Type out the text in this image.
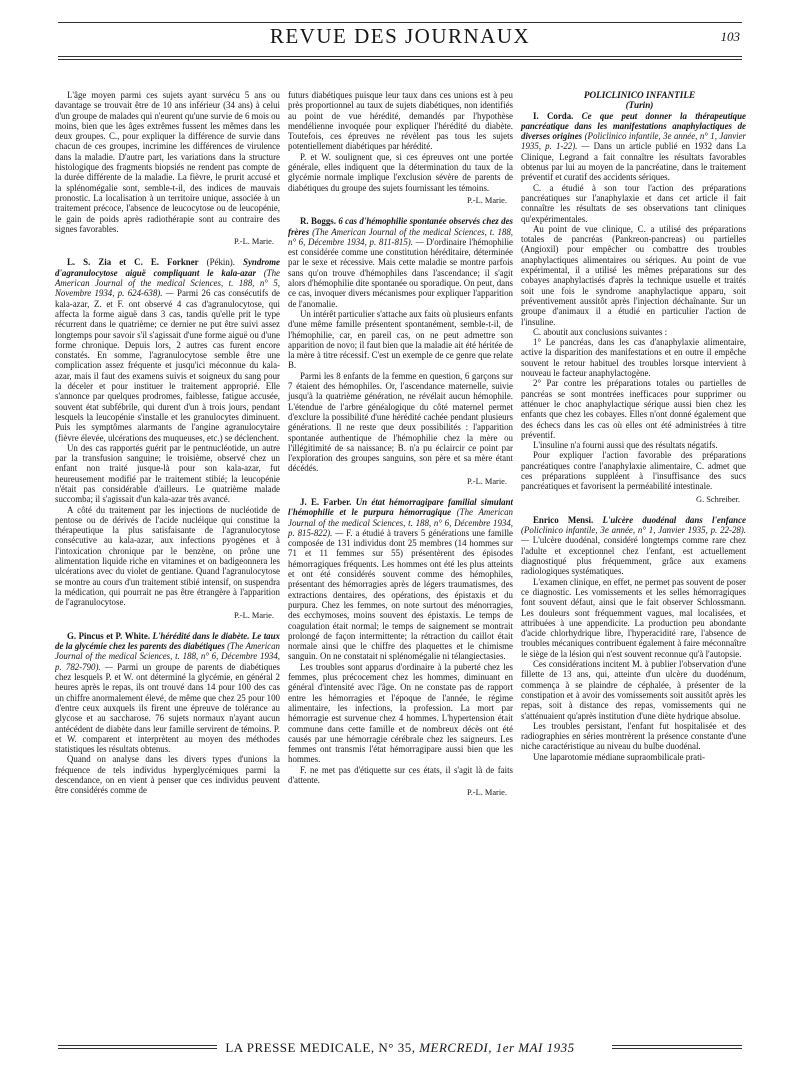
REVUE DES JOURNAUX	103

L'âge moyen parmi ces sujets ayant survécu 5 ans ou davantage se trouvait être de 10 ans inférieur (34 ans) à celui d'un groupe de malades qui n'eurent qu'une survie de 6 mois ou moins, bien que les âges extrêmes fussent les mêmes dans les deux groupes. C., pour expliquer la différence de survie dans chacun de ces groupes, incrimine les différences de virulence dans la maladie. D'autre part, les variations dans la structure histologique des fragments biopsiés ne rendent pas compte de la durée différente de la maladie. La fièvre, le prurit accusé et la splénomégalie sont, semble-t-il, des indices de mauvais pronostic. La localisation à un territoire unique, associée à un traitement précoce, l'absence de leucocytose ou de leucopénie, le gain de poids après radiothérapie sont au contraire des signes favorables.

P.-L. Marie.

L. S. Zia et C. E. Forkner (Pékin). Syndrome d'agranulocytose aiguë compliquant le kala-azar (The American Journal of the medical Sciences, t. 188, n° 5, Novembre 1934, p. 624-638). — Parmi 26 cas consécutifs de kala-azar, Z. et F. ont observé 4 cas d'agranulocytose, qui affecta la forme aiguë dans 3 cas, tandis qu'elle prit le type récurrent dans le quatrième; ce dernier ne put être suivi assez longtemps pour savoir s'il s'agissait d'une forme aiguë ou d'une forme chronique. Depuis lors, 2 autres cas furent encore constatés. En somme, l'agranulocytose semble être une complication assez fréquente et jusqu'ici méconnue du kala-azar, mais il faut des examens suivis et soigneux du sang pour la déceler et pour instituer le traitement approprié. Elle s'annonce par quelques prodromes, faiblesse, fatigue accusée, souvent état subfébrile, qui durent d'un à trois jours, pendant lesquels la leucopénie s'installe et les granulocytes diminuent. Puis les symptômes alarmants de l'angine agranulocytaire (fièvre élevée, ulcérations des muqueuses, etc.) se déclenchent.

Un des cas rapportés guérit par le pentnucléotide, un autre par la transfusion sanguine; le troisième, observé chez un enfant non traité jusque-là pour son kala-azar, fut heureusement modifié par le traitement stibié; la leucopénie n'était pas considérable d'ailleurs. Le quatrième malade succomba; il s'agissait d'un kala-azar très avancé.

A côté du traitement par les injections de nucléotide de pentose ou de dérivés de l'acide nucléique qui constitue la thérapeutique la plus satisfaisante de l'agranulocytose consécutive au kala-azar, aux infections pyogènes et à l'intoxication chronique par le benzène, on prône une alimentation liquide riche en vitamines et on badigeonnera les ulcérations avec du violet de gentiane. Quand l'agranulocytose se montre au cours d'un traitement stibié intensif, on suspendra la médication, qui pourrait ne pas être étrangère à l'apparition de l'agranulocytose.

P.-L. Marie.

G. Pincus et P. White. L'hérédité dans le diabète. Le taux de la glycémie chez les parents des diabétiques (The American Journal of the medical Sciences, t. 188, n° 6, Décembre 1934, p. 782-790). — Parmi un groupe de parents de diabétiques chez lesquels P. et W. ont déterminé la glycémie, en général 2 heures après le repas, ils ont trouvé dans 14 pour 100 des cas un chiffre anormalement élevé, de même que chez 25 pour 100 d'entre ceux auxquels ils firent une épreuve de tolérance au glycose et au saccharose. 76 sujets normaux n'ayant aucun antécédent de diabète dans leur famille servirent de témoins. P. et W. comparent et interprètent au moyen des méthodes statistiques les résultats obtenus.

Quand on analyse dans les divers types d'unions la fréquence de tels individus hyperglycémiques parmi la descendance, on en vient à penser que ces individus peuvent être considérés comme de

futurs diabétiques puisque leur taux dans ces unions est à peu près proportionnel au taux de sujets diabétiques, non identifiés au point de vue hérédité, demandés par l'hypothèse mendélienne invoquée pour expliquer l'hérédité du diabète. Toutefois, ces épreuves ne révèlent pas tous les sujets potentiellement diabétiques par hérédité.

P. et W. soulignent que, si ces épreuves ont une portée générale, elles indiquent que la détermination du taux de la glycémie normale implique l'exclusion sévère de parents de diabétiques du groupe des sujets fournissant les témoins.

P.-L. Marie.

R. Boggs. 6 cas d'hémophilie spontanée observés chez des frères (The American Journal of the medical Sciences, t. 188, n° 6, Décembre 1934, p. 811-815). — D'ordinaire l'hémophilie est considérée comme une constitution héréditaire, déterminée par le sexe et récessive. Mais cette maladie se montre parfois sans qu'on trouve d'hémophiles dans l'ascendance; il s'agit alors d'hémophilie dite spontanée ou sporadique. On peut, dans ce cas, invoquer divers mécanismes pour expliquer l'apparition de l'anomalie.

Un intérêt particulier s'attache aux faits où plusieurs enfants d'une même famille présentent spontanément, semble-t-il, de l'hémophilie, car, en pareil cas, on ne peut admettre son apparition de novo; il faut bien que la maladie ait été héritée de la mère à titre récessif. C'est un exemple de ce genre que relate B.

Parmi les 8 enfants de la femme en question, 6 garçons sur 7 étaient des hémophiles. Or, l'ascendance maternelle, suivie jusqu'à la quatrième génération, ne révélait aucun hémophile. L'étendue de l'arbre généalogique du côté maternel permet d'exclure la possibilité d'une hérédité cachée pendant plusieurs générations. Il ne reste que deux possibilités : l'apparition spontanée authentique de l'hémophilie chez la mère ou l'illégitimité de sa naissance; B. n'a pu éclaircir ce point par l'exploration des groupes sanguins, son père et sa mère étant décédés.

P.-L. Marie.

J. E. Farber. Un état hémorragipare familial simulant l'hémophilie et le purpura hémorragique (The American Journal of the medical Sciences, t. 188, n° 6, Décembre 1934, p. 815-822). — F. a étudié à travers 5 générations une famille composée de 131 individus dont 25 membres (14 hommes sur 71 et 11 femmes sur 55) présentèrent des épisodes hémorragiques fréquents. Les hommes ont été les plus atteints et ont été considérés souvent comme des hémophiles, présentant des hémorragies après de légers traumatismes, des extractions dentaires, des opérations, des épistaxis et du purpura. Chez les femmes, on note surtout des ménorragies, des ecchymoses, moins souvent des épistaxis. Le temps de coagulation était normal; le temps de saignement se montrait prolongé de façon intermittente; la rétraction du caillot était normale ainsi que le chiffre des plaquettes et le chimisme sanguin. On ne constatait ni splénomégalie ni télangiectasies.

Les troubles sont apparus d'ordinaire à la puberté chez les femmes, plus précocement chez les hommes, diminuant en général d'intensité avec l'âge. On ne constate pas de rapport entre les hémorragies et l'époque de l'année, le régime alimentaire, les infections, la profession. La mort par hémorragie est survenue chez 4 hommes. L'hypertension était commune dans cette famille et de nombreux décès ont été causés par une hémorragie cérébrale chez les saigneurs. Les femmes ont transmis l'état hémorragipare aussi bien que les hommes.

F. ne met pas d'étiquette sur ces états, il s'agit là de faits d'attente.

P.-L. Marie.

POLICLINICO INFANTILE

(Turin)

I. Corda. Ce que peut donner la thérapeutique pancréatique dans les manifestations anaphylactiques de diverses origines (Policlinico infantile, 3e année, n° 1, Janvier 1935, p. 1-22). — Dans un article publié en 1932 dans La Clinique, Legrand a fait connaître les résultats favorables obtenus par lui au moyen de la pancréatine, dans le traitement préventif et curatif des accidents sériques.

C. a étudié à son tour l'action des préparations pancréatiques sur l'anaphylaxie et dans cet article il fait connaître les résultats de ses observations tant cliniques qu'expérimentales.

Au point de vue clinique, C. a utilisé des préparations totales de pancréas (Pankreon-pancreas) ou partielles (Angioxil) pour empêcher ou combattre des troubles anaphylactiques alimentaires ou sériques. Au point de vue expérimental, il a utilisé les mêmes préparations sur des cobayes anaphylactisés d'après la technique usuelle et traités soit une fois le syndrome anaphylactique apparu, soit préventivement aussitôt après l'injection déchaînante. Sur un groupe d'animaux il a étudié en particulier l'action de l'insuline.

C. aboutit aux conclusions suivantes :

1° Le pancréas, dans les cas d'anaphylaxie alimentaire, active la disparition des manifestations et en outre il empêche souvent le retour habituel des troubles lorsque intervient à nouveau le facteur anaphylactogène.

2° Par contre les préparations totales ou partielles de pancréas se sont montrées inefficaces pour supprimer ou atténuer le choc anaphylactique sérique aussi bien chez les enfants que chez les cobayes. Elles n'ont donné également que des échecs dans les cas où elles ont été administrées à titre préventif.

L'insuline n'a fourni aussi que des résultats négatifs.

Pour expliquer l'action favorable des préparations pancréatiques contre l'anaphylaxie alimentaire, C. admet que ces préparations suppléent à l'insuffisance des sucs pancréatiques et favorisent la perméabilité intestinale.

G. Schreiber.

Enrico Mensi. L'ulcère duodénal dans l'enfance (Policlinico infantile, 3e année, n° 1, Janvier 1935, p. 22-28). — L'ulcère duodénal, considéré longtemps comme rare chez l'adulte et exceptionnel chez l'enfant, est actuellement diagnostiqué plus fréquemment, grâce aux examens radiologiques systématiques.

L'examen clinique, en effet, ne permet pas souvent de poser ce diagnostic. Les vomissements et les selles hémorragiques font souvent défaut, ainsi que le fait observer Schlossmann. Les douleurs sont fréquemment vagues, mal localisées, et attribuées à une appendicite. La production peu abondante d'acide chlorhydrique libre, l'hyperacidité rare, l'absence de troubles mécaniques contribuent également à faire méconnaître le siège de la lésion qui n'est souvent reconnue qu'à l'autopsie.

Ces considérations incitent M. à publier l'observation d'une fillette de 13 ans, qui, atteinte d'un ulcère du duodénum, commença à se plaindre de céphalée, à présenter de la constipation et à avoir des vomissements soit aussitôt après les repas, soit à distance des repas, vomissements qui ne s'atténuaient qu'après institution d'une diète hydrique absolue.

Les troubles persistant, l'enfant fut hospitalisée et des radiographies en séries montrèrent la présence constante d'une niche caractéristique au niveau du bulbe duodénal.

Une laparotomie médiane supraombilicale prati-

LA PRESSE MEDICALE, N° 35, MERCREDI, 1er MAI 1935
